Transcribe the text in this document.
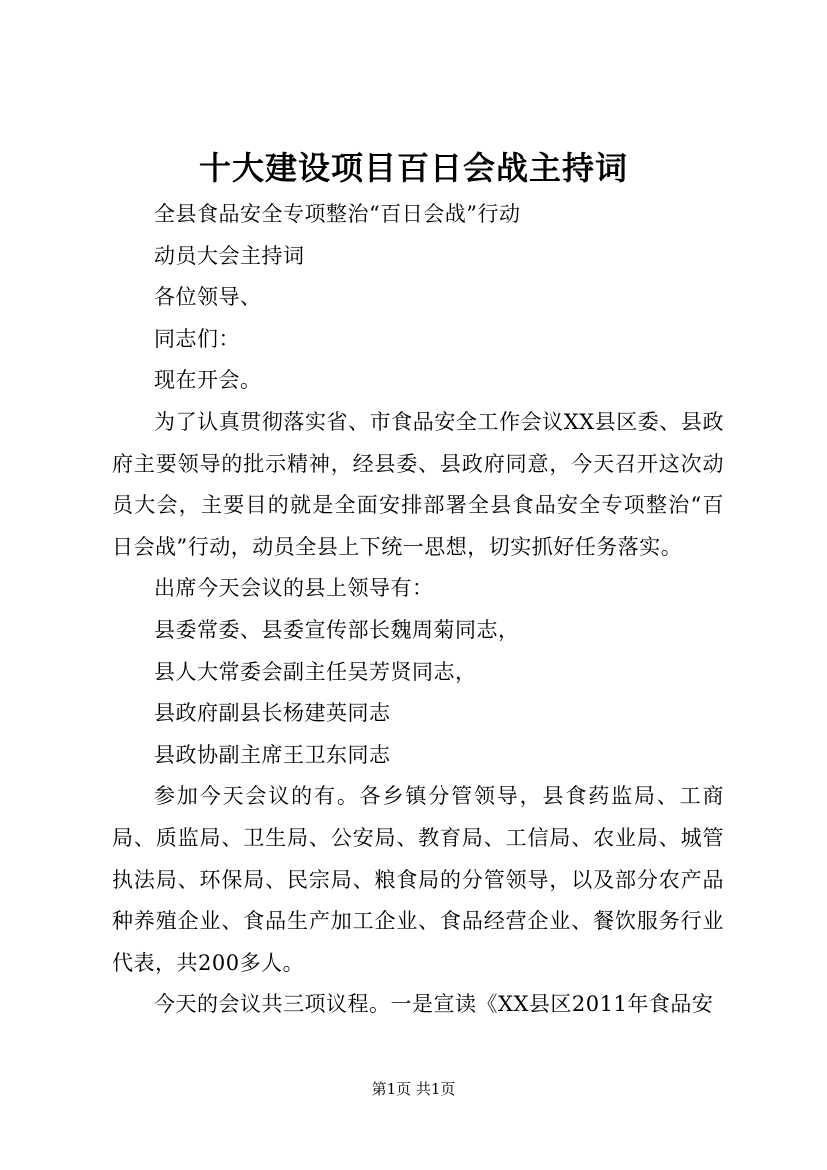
十大建设项目百日会战主持词

全县食品安全专项整治“百日会战”行动

动员大会主持词

各位领导、

同志们：

现在开会。

为了认真贯彻落实省、市食品安全工作会议XX县区委、县政府主要领导的批示精神，经县委、县政府同意，今天召开这次动员大会，主要目的就是全面安排部署全县食品安全专项整治“百日会战”行动，动员全县上下统一思想，切实抓好任务落实。

出席今天会议的县上领导有：

县委常委、县委宣传部长魏周菊同志，

县人大常委会副主任吴芳贤同志，

县政府副县长杨建英同志

县政协副主席王卫东同志

参加今天会议的有。各乡镇分管领导，县食药监局、工商局、质监局、卫生局、公安局、教育局、工信局、农业局、城管执法局、环保局、民宗局、粮食局的分管领导，以及部分农产品种养殖企业、食品生产加工企业、食品经营企业、餐饮服务行业代表，共200多人。

今天的会议共三项议程。一是宣读《XX县区2011年食品安

第1页 共1页
